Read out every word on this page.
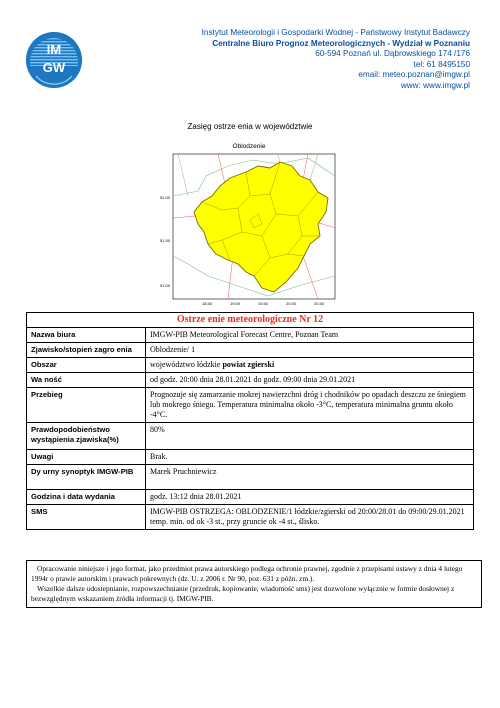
IM
GW
Instytut Meteorologii i Gospodarki Wodnej - Państwowy Instytut Badawczy
Centralne Biuro Prognoz Meteorologicznych - Wydział w Poznaniu
60-594 Poznań ul. Dąbrowskiego 174 /176
tel: 61 8495150
email: meteo.poznan@imgw.pl
www: www.imgw.pl
Zasięg ostrze enia w województwie
Oblodzenie
52.00
51.50
51.00
18.50	19.00	19.50	20.00	20.50
Ostrze enie meteorologiczne Nr 12	
Nazwa biura	IMGW-PIB Meteorological Forecast Centre, Poznan Team
Zjawisko/stopień zagro enia	Oblodzenie/ 1
Obszar	województwo łódzkie powiat zgierski
Wa ność	od godz. 20:00 dnia 28.01.2021 do godz. 09:00 dnia 29.01.2021
Przebieg	Prognozuje się zamarzanie mokrej nawierzchni dróg i chodników po opadach deszczu ze śniegiem lub mokrego śniegu. Temperatura minimalna około -3°C, temperatura minimalna gruntu około -4°C.
Prawdopodobieństwo wystąpienia zjawiska(%)	80%
Uwagi	Brak.
Dy urny synoptyk IMGW-PIB	Marek Pruchniewicz
Godzina i data wydania	godz. 13:12 dnia 28.01.2021
SMS	IMGW-PIB OSTRZEGA: OBLODZENIE/1 łódzkie/zgierski od 20:00/28.01 do 09:00/29.01.2021 temp. min. od ok -3 st., przy gruncie ok -4 st., ślisko.

Opracowanie niniejsze i jego format, jako przedmiot prawa autorskiego podlega ochronie prawnej, zgodnie z przepisami ustawy z dnia 4 lutego 1994r o prawie autorskim i prawach pokrewnych (dz. U. z 2006 r. Nr 90, poz. 631 z późn. zm.).

Wszelkie dalsze udostepnianie, rozpowszechnianie (przedruk, kopiowanie, wiadomość sms) jest dozwolone wyłącznie w formie dosłownej z bezwzględnym wskazaniem źródła informacji tj. IMGW-PIB.
